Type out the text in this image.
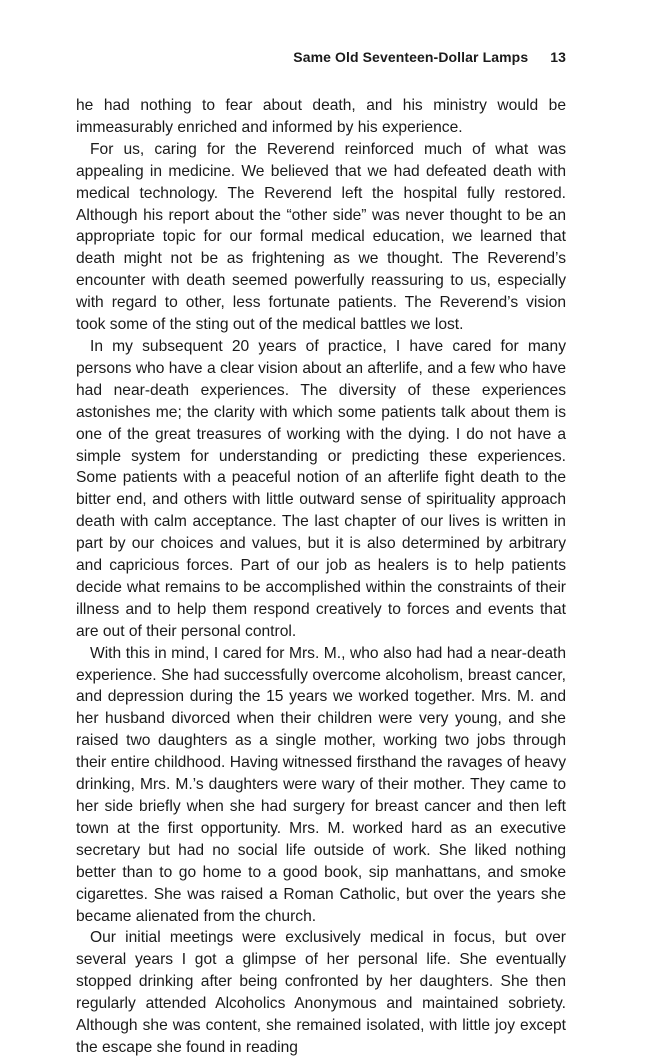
Same Old Seventeen-Dollar Lamps 13

he had nothing to fear about death, and his ministry would be immeasurably enriched and informed by his experience.

For us, caring for the Reverend reinforced much of what was appealing in medicine. We believed that we had defeated death with medical technology. The Reverend left the hospital fully restored. Although his report about the “other side” was never thought to be an appropriate topic for our formal medical education, we learned that death might not be as frightening as we thought. The Reverend’s encounter with death seemed powerfully reassuring to us, especially with regard to other, less fortunate patients. The Reverend’s vision took some of the sting out of the medical battles we lost.

In my subsequent 20 years of practice, I have cared for many persons who have a clear vision about an afterlife, and a few who have had near-death experiences. The diversity of these experiences astonishes me; the clarity with which some patients talk about them is one of the great treasures of working with the dying. I do not have a simple system for understanding or predicting these experiences. Some patients with a peaceful notion of an afterlife fight death to the bitter end, and others with little outward sense of spirituality approach death with calm acceptance. The last chapter of our lives is written in part by our choices and values, but it is also determined by arbitrary and capricious forces. Part of our job as healers is to help patients decide what remains to be accomplished within the constraints of their illness and to help them respond creatively to forces and events that are out of their personal control.

With this in mind, I cared for Mrs. M., who also had had a near-death experience. She had successfully overcome alcoholism, breast cancer, and depression during the 15 years we worked together. Mrs. M. and her husband divorced when their children were very young, and she raised two daughters as a single mother, working two jobs through their entire childhood. Having witnessed firsthand the ravages of heavy drinking, Mrs. M.’s daughters were wary of their mother. They came to her side briefly when she had surgery for breast cancer and then left town at the first opportunity. Mrs. M. worked hard as an executive secretary but had no social life outside of work. She liked nothing better than to go home to a good book, sip manhattans, and smoke cigarettes. She was raised a Roman Catholic, but over the years she became alienated from the church.

Our initial meetings were exclusively medical in focus, but over several years I got a glimpse of her personal life. She eventually stopped drinking after being confronted by her daughters. She then regularly attended Alcoholics Anonymous and maintained sobriety. Although she was content, she remained isolated, with little joy except the escape she found in reading
